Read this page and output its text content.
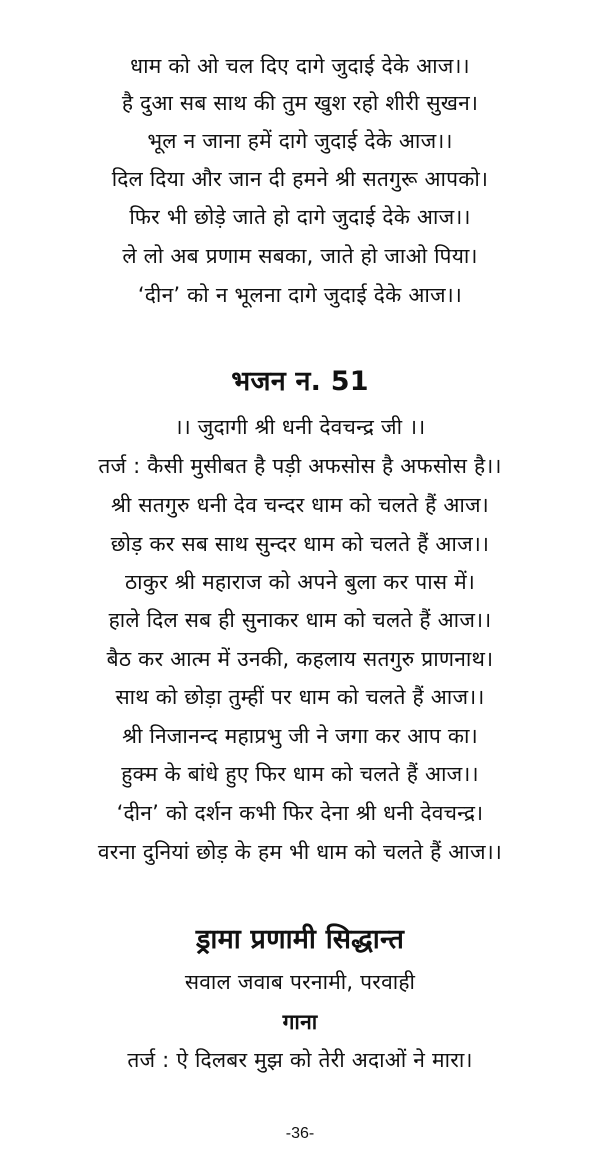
धाम को ओ चल दिए दागे जुदाई देके आज।।
है दुआ सब साथ की तुम खुश रहो शीरी सुखन।
भूल न जाना हमें दागे जुदाई देके आज।।
दिल दिया और जान दी हमने श्री सतगुरू आपको।
फिर भी छोड़े जाते हो दागे जुदाई देके आज।।
ले लो अब प्रणाम सबका, जाते हो जाओ पिया।
‘दीन’ को न भूलना दागे जुदाई देके आज।।
भजन न. 51
।। जुदागी श्री धनी देवचन्द्र जी ।।
तर्ज : कैसी मुसीबत है पड़ी अफसोस है अफसोस है।।
श्री सतगुरु धनी देव चन्दर धाम को चलते हैं आज।
छोड़ कर सब साथ सुन्दर धाम को चलते हैं आज।।
ठाकुर श्री महाराज को अपने बुला कर पास में।
हाले दिल सब ही सुनाकर धाम को चलते हैं आज।।
बैठ कर आत्म में उनकी, कहलाय सतगुरु प्राणनाथ।
साथ को छोड़ा तुम्हीं पर धाम को चलते हैं आज।।
श्री निजानन्द महाप्रभु जी ने जगा कर आप का।
हुक्म के बांधे हुए फिर धाम को चलते हैं आज।।
‘दीन’ को दर्शन कभी फिर देना श्री धनी देवचन्द्र।
वरना दुनियां छोड़ के हम भी धाम को चलते हैं आज।।
ड्रामा प्रणामी सिद्धान्त
सवाल जवाब परनामी, परवाही
गाना
तर्ज : ऐ दिलबर मुझ को तेरी अदाओं ने मारा।
-36-
